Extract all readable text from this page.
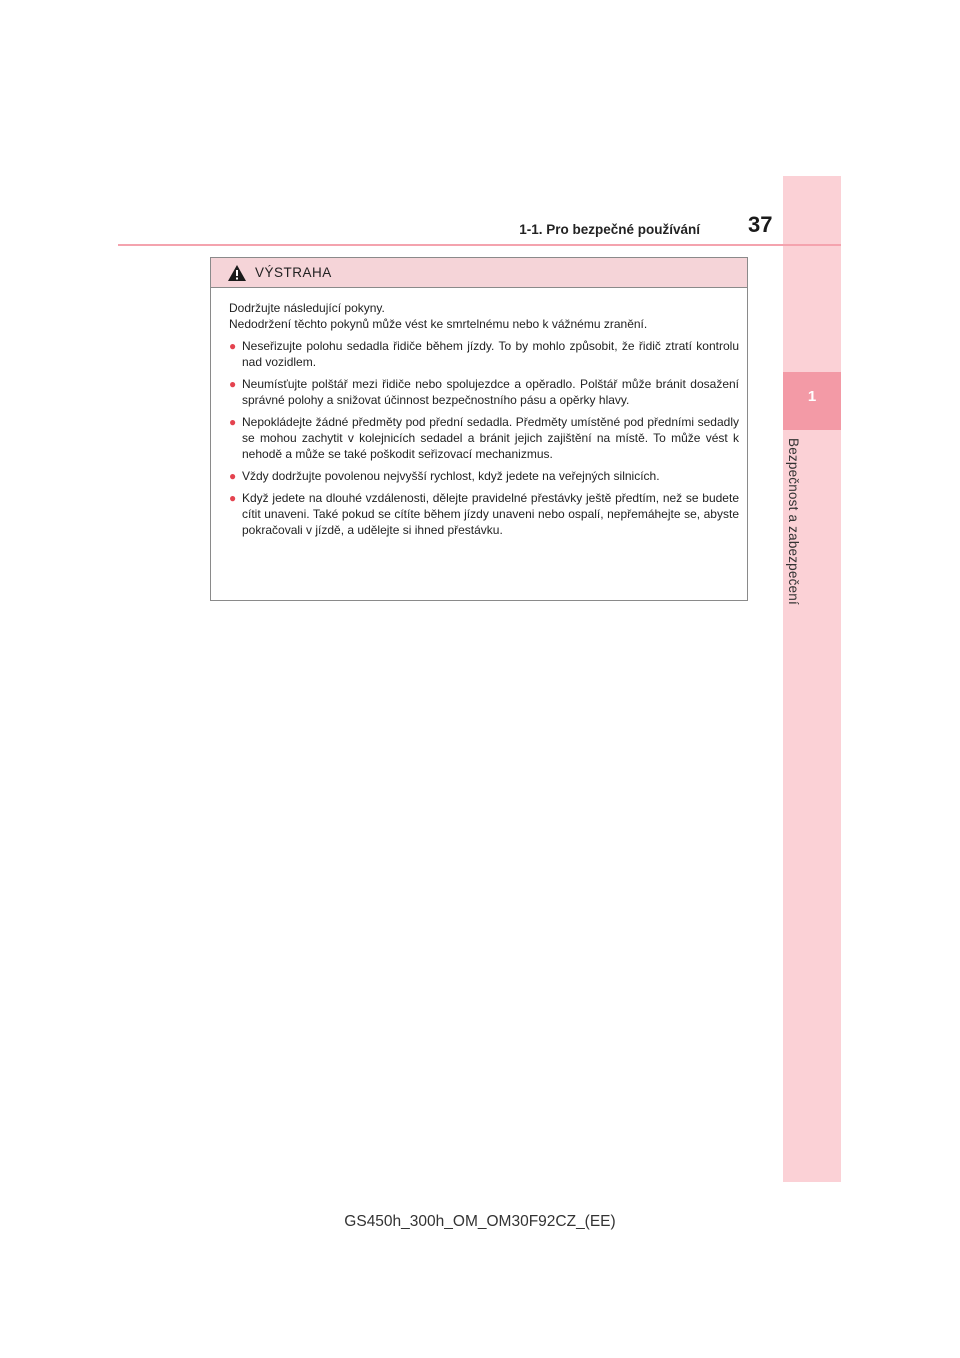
1
Bezpečnost a zabezpečení
1-1. Pro bezpečné používání 37
VÝSTRAHA

Dodržujte následující pokyny.

Nedodržení těchto pokynů může vést ke smrtelnému nebo k vážnému zranění.

● Neseřizujte polohu sedadla řidiče během jízdy. To by mohlo způsobit, že řidič ztratí kontrolu nad vozidlem.
● Neumísťujte polštář mezi řidiče nebo spolujezdce a opěradlo. Polštář může bránit dosažení správné polohy a snižovat účinnost bezpečnostního pásu a opěrky hlavy.
● Nepokládejte žádné předměty pod přední sedadla. Předměty umístěné pod předními sedadly se mohou zachytit v kolejnicích sedadel a bránit jejich zajištění na místě. To může vést k nehodě a může se také poškodit seřizovací mechanizmus.
● Vždy dodržujte povolenou nejvyšší rychlost, když jedete na veřejných silnicích.
● Když jedete na dlouhé vzdálenosti, dělejte pravidelné přestávky ještě předtím, než se budete cítit unaveni. Také pokud se cítíte během jízdy unaveni nebo ospalí, nepřemáhejte se, abyste pokračovali v jízdě, a udělejte si ihned přestávku.
GS450h_300h_OM_OM30F92CZ_(EE)
